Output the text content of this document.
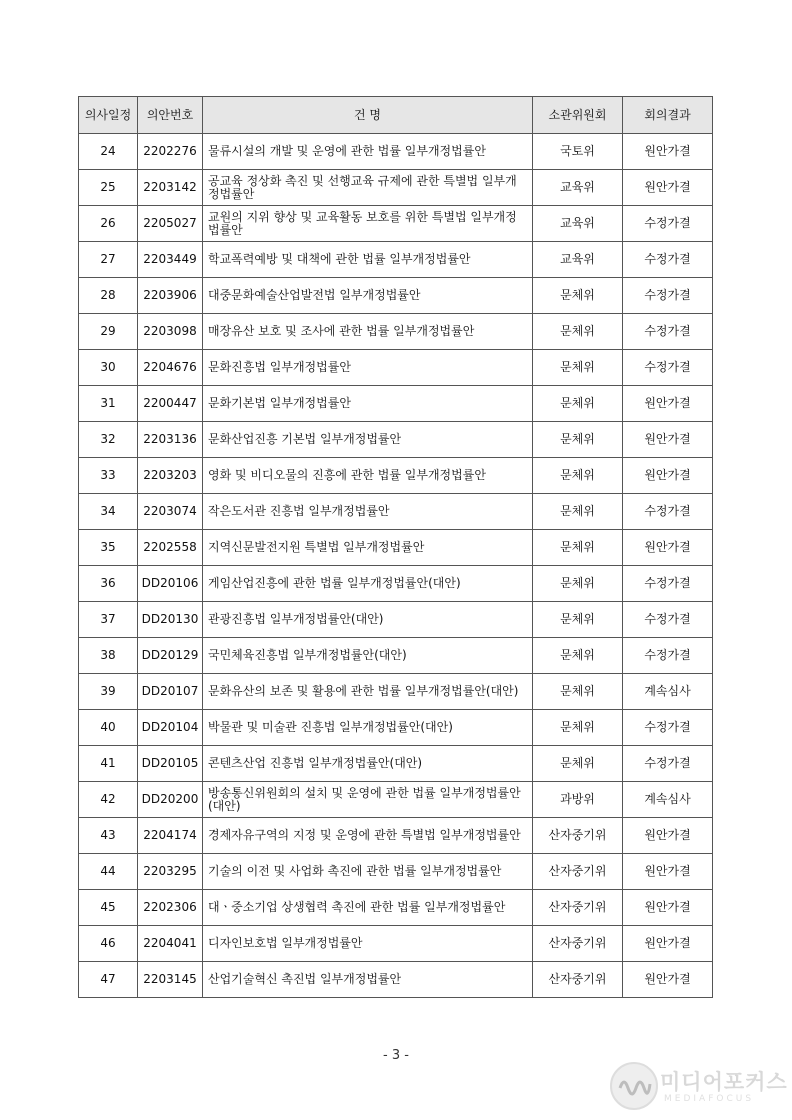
의사일정	의안번호	건 명	소관위원회	회의결과
24	2202276	물류시설의 개발 및 운영에 관한 법률 일부개정법률안	국토위	원안가결
25	2203142	공교육 정상화 촉진 및 선행교육 규제에 관한 특별법 일부개정법률안	교육위	원안가결
26	2205027	교원의 지위 향상 및 교육활동 보호를 위한 특별법 일부개정법률안	교육위	수정가결
27	2203449	학교폭력예방 및 대책에 관한 법률 일부개정법률안	교육위	수정가결
28	2203906	대중문화예술산업발전법 일부개정법률안	문체위	수정가결
29	2203098	매장유산 보호 및 조사에 관한 법률 일부개정법률안	문체위	수정가결
30	2204676	문화진흥법 일부개정법률안	문체위	수정가결
31	2200447	문화기본법 일부개정법률안	문체위	원안가결
32	2203136	문화산업진흥 기본법 일부개정법률안	문체위	원안가결
33	2203203	영화 및 비디오물의 진흥에 관한 법률 일부개정법률안	문체위	원안가결
34	2203074	작은도서관 진흥법 일부개정법률안	문체위	수정가결
35	2202558	지역신문발전지원 특별법 일부개정법률안	문체위	원안가결
36	DD20106	게임산업진흥에 관한 법률 일부개정법률안(대안)	문체위	수정가결
37	DD20130	관광진흥법 일부개정법률안(대안)	문체위	수정가결
38	DD20129	국민체육진흥법 일부개정법률안(대안)	문체위	수정가결
39	DD20107	문화유산의 보존 및 활용에 관한 법률 일부개정법률안(대안)	문체위	계속심사
40	DD20104	박물관 및 미술관 진흥법 일부개정법률안(대안)	문체위	수정가결
41	DD20105	콘텐츠산업 진흥법 일부개정법률안(대안)	문체위	수정가결
42	DD20200	방송통신위원회의 설치 및 운영에 관한 법률 일부개정법률안(대안)	과방위	계속심사
43	2204174	경제자유구역의 지정 및 운영에 관한 특별법 일부개정법률안	산자중기위	원안가결
44	2203295	기술의 이전 및 사업화 촉진에 관한 법률 일부개정법률안	산자중기위	원안가결
45	2202306	대ㆍ중소기업 상생협력 촉진에 관한 법률 일부개정법률안	산자중기위	원안가결
46	2204041	디자인보호법 일부개정법률안	산자중기위	원안가결
47	2203145	산업기술혁신 촉진법 일부개정법률안	산자중기위	원안가결
- 3 -
미디어포커스
MEDIAFOCUS
